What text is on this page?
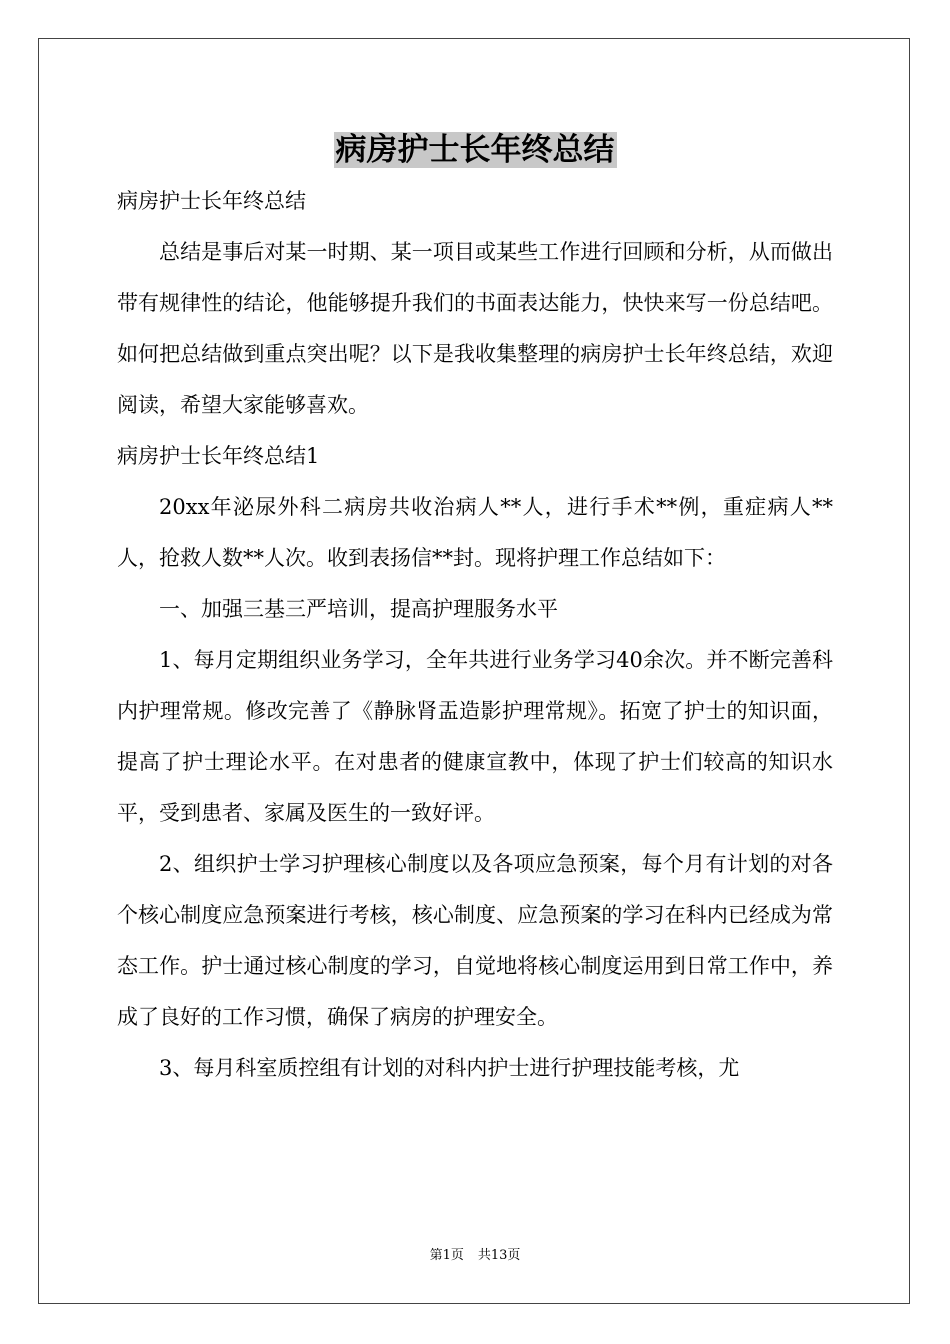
病房护士长年终总结

病房护士长年终总结

总结是事后对某一时期、某一项目或某些工作进行回顾和分析，从而做出带有规律性的结论，他能够提升我们的书面表达能力，快快来写一份总结吧。如何把总结做到重点突出呢？以下是我收集整理的病房护士长年终总结，欢迎阅读，希望大家能够喜欢。

病房护士长年终总结1

20xx年泌尿外科二病房共收治病人**人，进行手术**例，重症病人**人，抢救人数**人次。收到表扬信**封。现将护理工作总结如下：

一、加强三基三严培训，提高护理服务水平

1、每月定期组织业务学习，全年共进行业务学习40余次。并不断完善科内护理常规。修改完善了《静脉肾盂造影护理常规》。拓宽了护士的知识面，提高了护士理论水平。在对患者的健康宣教中，体现了护士们较高的知识水平，受到患者、家属及医生的一致好评。

2、组织护士学习护理核心制度以及各项应急预案，每个月有计划的对各个核心制度应急预案进行考核，核心制度、应急预案的学习在科内已经成为常态工作。护士通过核心制度的学习，自觉地将核心制度运用到日常工作中，养成了良好的工作习惯，确保了病房的护理安全。

3、每月科室质控组有计划的对科内护士进行护理技能考核，尤

第1页 共13页
